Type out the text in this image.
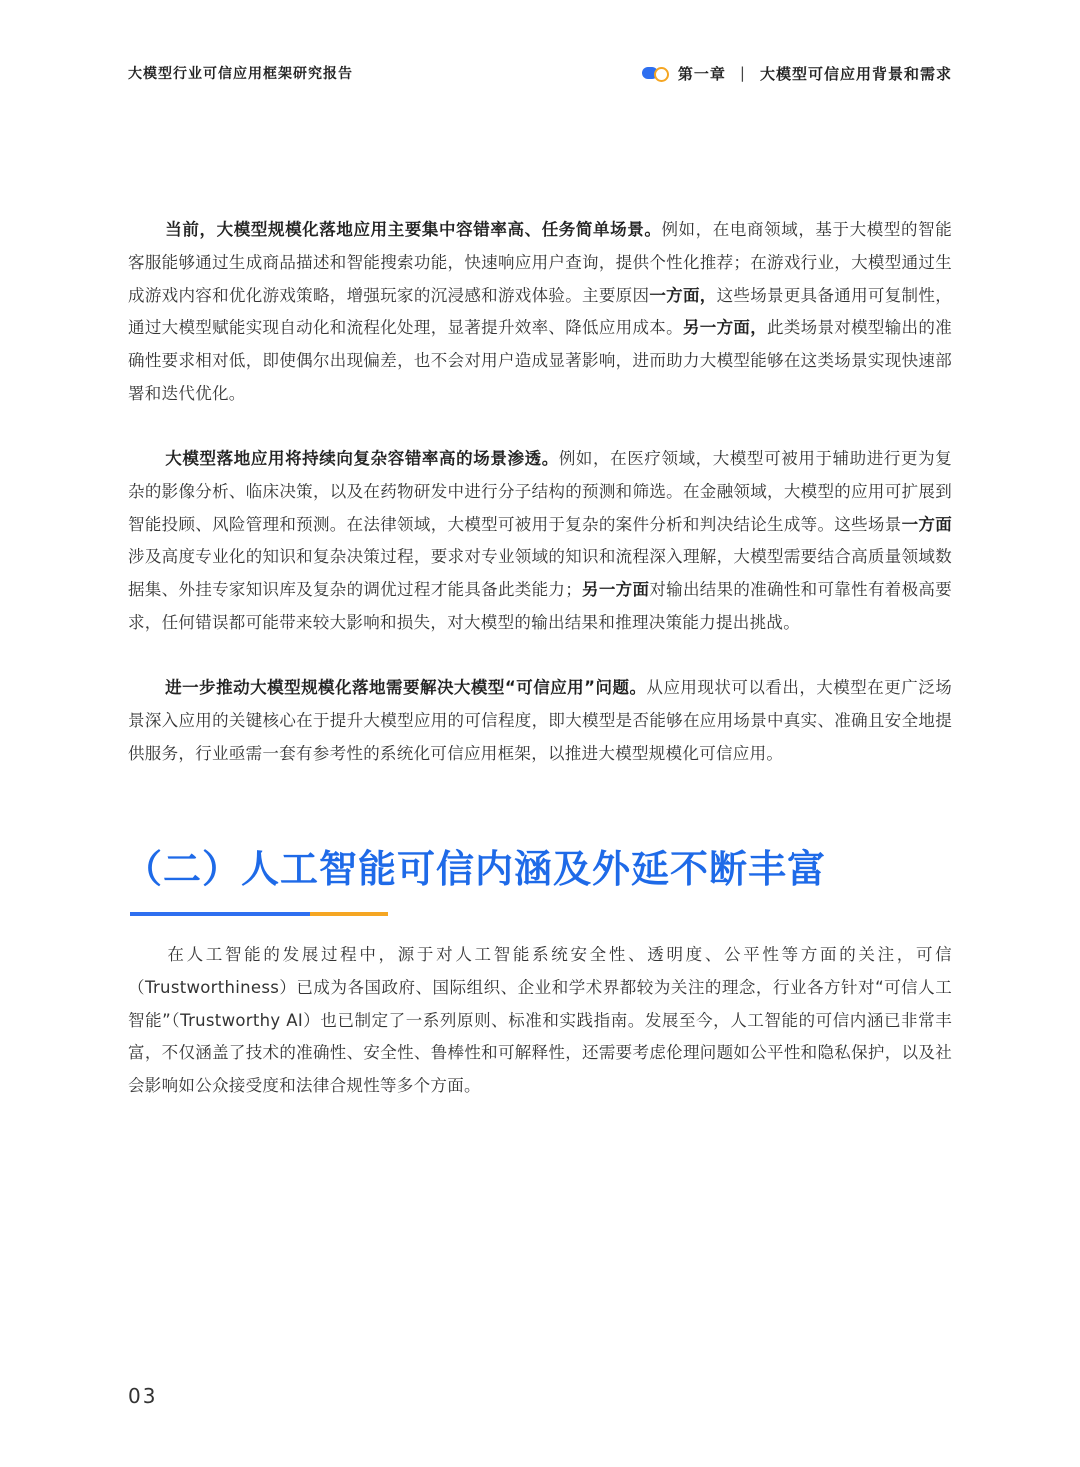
大模型行业可信应用框架研究报告	第一章 | 大模型可信应用背景和需求

当前，大模型规模化落地应用主要集中容错率高、任务简单场景。例如，在电商领域，基于大模型的智能客服能够通过生成商品描述和智能搜索功能，快速响应用户查询，提供个性化推荐；在游戏行业，大模型通过生成游戏内容和优化游戏策略，增强玩家的沉浸感和游戏体验。主要原因一方面，这些场景更具备通用可复制性，通过大模型赋能实现自动化和流程化处理，显著提升效率、降低应用成本。另一方面，此类场景对模型输出的准确性要求相对低，即使偶尔出现偏差，也不会对用户造成显著影响，进而助力大模型能够在这类场景实现快速部署和迭代优化。

大模型落地应用将持续向复杂容错率高的场景渗透。例如，在医疗领域，大模型可被用于辅助进行更为复杂的影像分析、临床决策，以及在药物研发中进行分子结构的预测和筛选。在金融领域，大模型的应用可扩展到智能投顾、风险管理和预测。在法律领域，大模型可被用于复杂的案件分析和判决结论生成等。这些场景一方面涉及高度专业化的知识和复杂决策过程，要求对专业领域的知识和流程深入理解，大模型需要结合高质量领域数据集、外挂专家知识库及复杂的调优过程才能具备此类能力；另一方面对输出结果的准确性和可靠性有着极高要求，任何错误都可能带来较大影响和损失，对大模型的输出结果和推理决策能力提出挑战。

进一步推动大模型规模化落地需要解决大模型“可信应用”问题。从应用现状可以看出，大模型在更广泛场景深入应用的关键核心在于提升大模型应用的可信程度，即大模型是否能够在应用场景中真实、准确且安全地提供服务，行业亟需一套有参考性的系统化可信应用框架，以推进大模型规模化可信应用。

（二）人工智能可信内涵及外延不断丰富

在人工智能的发展过程中，源于对人工智能系统安全性、透明度、公平性等方面的关注，可信（Trustworthiness）已成为各国政府、国际组织、企业和学术界都较为关注的理念，行业各方针对“可信人工智能”（Trustworthy AI）也已制定了一系列原则、标准和实践指南。发展至今，人工智能的可信内涵已非常丰富，不仅涵盖了技术的准确性、安全性、鲁棒性和可解释性，还需要考虑伦理问题如公平性和隐私保护，以及社会影响如公众接受度和法律合规性等多个方面。

03
